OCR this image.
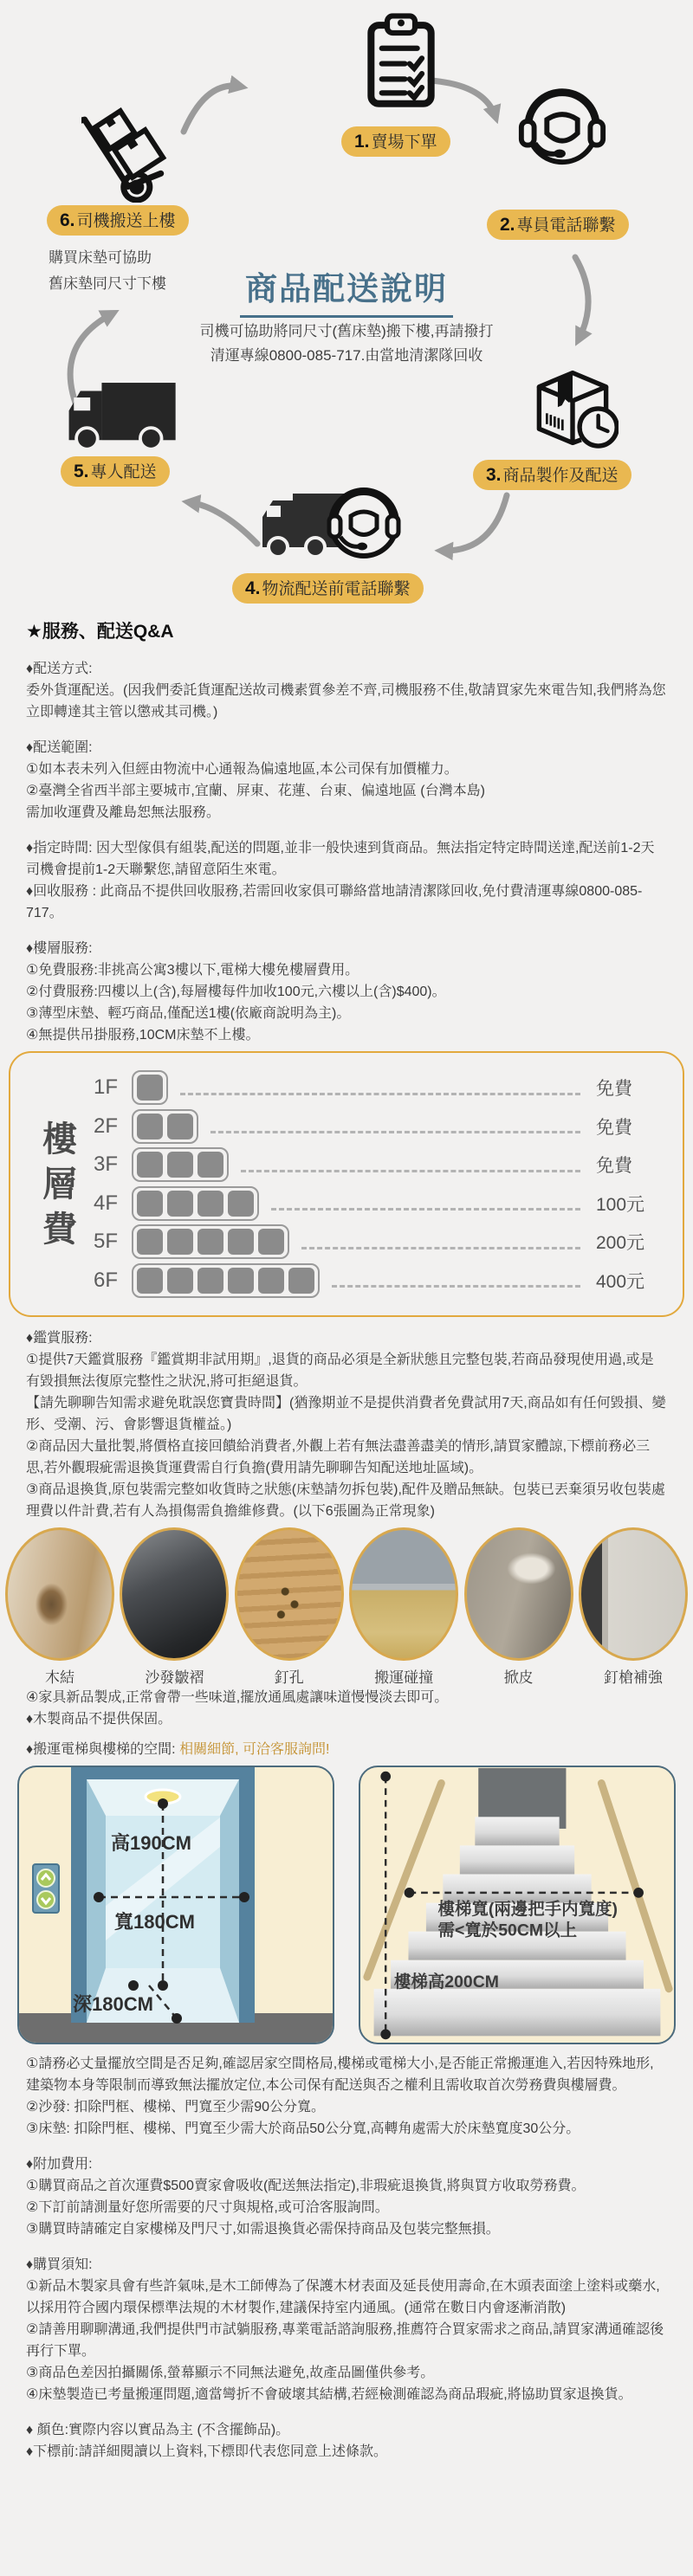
1. 賣場下單
2. 專員電話聯繫
6. 司機搬送上樓
購買床墊可協助
舊床墊同尺寸下樓	商品配送說明
司機可協助將同尺寸(舊床墊)搬下樓,再請撥打
清運專線0800-085-717.由當地清潔隊回收
3. 商品製作及配送
5. 專人配送
4. 物流配送前電話聯繫
★服務、配送Q&A

♦配送方式:

委外貨運配送。(因我們委託貨運配送故司機素質參差不齊,司機服務不佳,敬請買家先來電告知,我們將為您立即轉達其主管以懲戒其司機。)

♦配送範圍:

①如本表未列入但經由物流中心通報為偏遠地區,本公司保有加價權力。

②臺灣全省西半部主要城市,宜蘭、屏東、花蓮、台東、偏遠地區 (台灣本島)

需加收運費及離島恕無法服務。

♦指定時間: 因大型傢俱有組裝,配送的問題,並非一般快速到貨商品。無法指定特定時間送達,配送前1-2天司機會提前1-2天聯繫您,請留意陌生來電。

♦回收服務 : 此商品不提供回收服務,若需回收家俱可聯絡當地請清潔隊回收,免付費清運專線0800-085-717。

♦樓層服務:

①免費服務:非挑高公寓3樓以下,電梯大樓免樓層費用。

②付費服務:四樓以上(含),每層樓每件加收100元,六樓以上(含)$400)。

③薄型床墊、輕巧商品,僅配送1樓(依廠商說明為主)。

④無提供吊掛服務,10CM床墊不上樓。

樓
層
費
1F	免費
2F	免費
3F	免費
4F	100元
5F	200元
6F	400元

♦鑑賞服務:

①提供7天鑑賞服務『鑑賞期非試用期』,退貨的商品必須是全新狀態且完整包裝,若商品發現使用過,或是有毀損無法復原完整性之狀況,將可拒絕退貨。

【請先聊聊告知需求避免耽誤您寶貴時間】(猶豫期並不是提供消費者免費試用7天,商品如有任何毀損、變形、受潮、污、會影響退貨權益。)

②商品因大量批製,將價格直接回饋給消費者,外觀上若有無法盡善盡美的情形,請買家體諒,下標前務必三思,若外觀瑕疵需退換貨運費需自行負擔(費用請先聊聊告知配送地址區域)。

③商品退換貨,原包裝需完整如收貨時之狀態(床墊請勿拆包裝),配件及贈品無缺。包裝已丟棄須另收包裝處理費以件計費,若有人為損傷需負擔維修費。(以下6張圖為正常現象)

木結	沙發皺褶	釘孔	搬運碰撞	掀皮	釘槍補強

④家具新品製成,正常會帶一些味道,擺放通風處讓味道慢慢淡去即可。

♦木製商品不提供保固。

♦搬運電梯與樓梯的空間: 相關細節, 可洽客服詢問!

高190CM
寬180CM
深180CM
樓梯寬(兩邊把手内寬度)
需<寬於50CM以上
樓梯高200CM

①請務必丈量擺放空間是否足夠,確認居家空間格局,樓梯或電梯大小,是否能正常搬運進入,若因特殊地形,建築物本身等限制而導致無法擺放定位,本公司保有配送與否之權利且需收取首次勞務費與樓層費。

②沙發: 扣除門框、樓梯、門寬至少需90公分寬。

③床墊: 扣除門框、樓梯、門寬至少需大於商品50公分寬,高轉角處需大於床墊寬度30公分。

♦附加費用:

①購買商品之首次運費$500賣家會吸收(配送無法指定),非瑕疵退換貨,將與買方收取勞務費。

②下訂前請測量好您所需要的尺寸與規格,或可洽客服詢問。

③購買時請確定自家樓梯及門尺寸,如需退換貨必需保持商品及包裝完整無損。

♦購買須知:

①新品木製家具會有些許氣味,是木工師傅為了保護木材表面及延長使用壽命,在木頭表面塗上塗料或藥水,以採用符合國内環保標準法規的木材製作,建議保持室内通風。(通常在數日内會逐漸消散)

②請善用聊聊溝通,我們提供門市試躺服務,專業電話諮詢服務,推薦符合買家需求之商品,請買家溝通確認後再行下單。

③商品色差因拍攝關係,螢幕顯示不同無法避免,故產品圖僅供參考。

④床墊製造已考量搬運問題,適當彎折不會破壞其結構,若經檢測確認為商品瑕疵,將協助買家退換貨。

♦ 顏色:實際内容以實品為主 (不含擺飾品)。

♦下標前:請詳細閱讀以上資料,下標即代表您同意上述條款。
